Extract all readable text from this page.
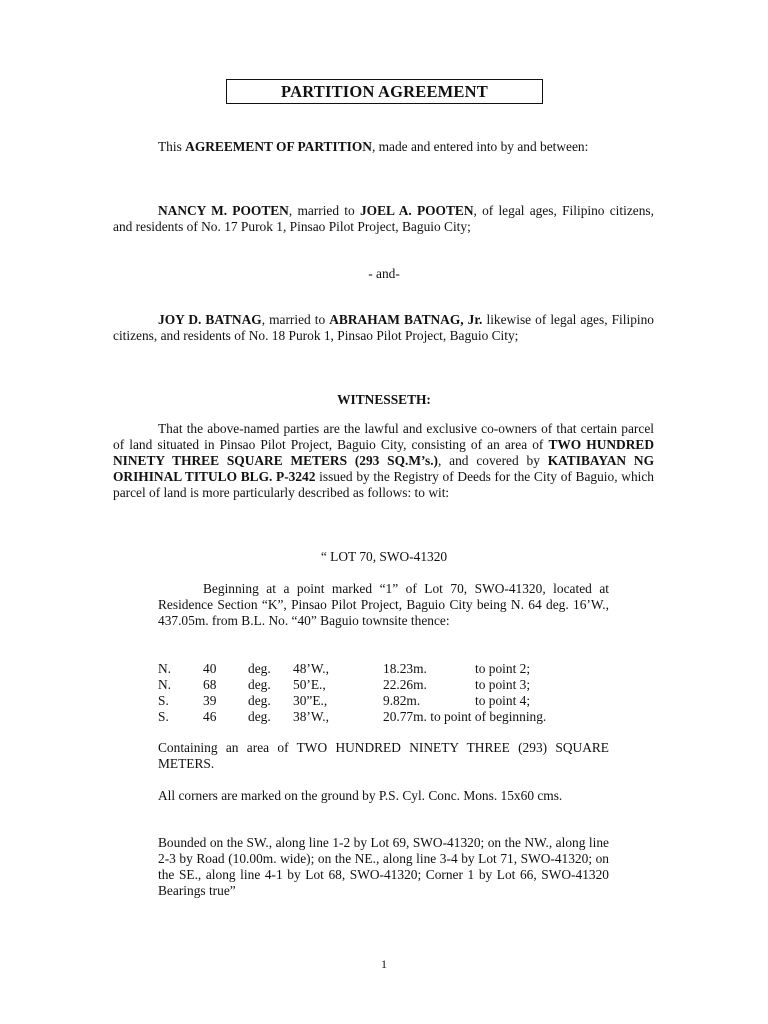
PARTITION AGREEMENT
This AGREEMENT OF PARTITION, made and entered into by and between:
NANCY M. POOTEN, married to JOEL A. POOTEN, of legal ages, Filipino citizens, and residents of No. 17 Purok 1, Pinsao Pilot Project, Baguio City;
- and-
JOY D. BATNAG, married to ABRAHAM BATNAG, Jr. likewise of legal ages, Filipino citizens, and residents of No. 18 Purok 1, Pinsao Pilot Project, Baguio City;
WITNESSETH:
That the above-named parties are the lawful and exclusive co-owners of that certain parcel of land situated in Pinsao Pilot Project, Baguio City, consisting of an area of TWO HUNDRED NINETY THREE SQUARE METERS (293 SQ.M’s.), and covered by KATIBAYAN NG ORIHINAL TITULO BLG. P-3242 issued by the Registry of Deeds for the City of Baguio, which parcel of land is more particularly described as follows: to wit:
“ LOT 70, SWO-41320
Beginning at a point marked “1” of Lot 70, SWO-41320, located at Residence Section “K”, Pinsao Pilot Project, Baguio City being N. 64 deg. 16’W., 437.05m. from B.L. No. “40” Baguio townsite thence:
N. 40 deg. 48’W.,	18.23m.	to point 2;
N. 68 deg. 50’E.,	22.26m.	to point 3;
S.	39 deg. 30”E.,	9.82m.	to point 4;
S.	46 deg. 38’W.,	20.77m. to point of beginning.
Containing an area of TWO HUNDRED NINETY THREE (293) SQUARE METERS.
All corners are marked on the ground by P.S. Cyl. Conc. Mons. 15x60 cms.
Bounded on the SW., along line 1-2 by Lot 69, SWO-41320; on the NW., along line 2-3 by Road (10.00m. wide); on the NE., along line 3-4 by Lot 71, SWO-41320; on the SE., along line 4-1 by Lot 68, SWO-41320; Corner 1 by Lot 66, SWO-41320 Bearings true”
1
